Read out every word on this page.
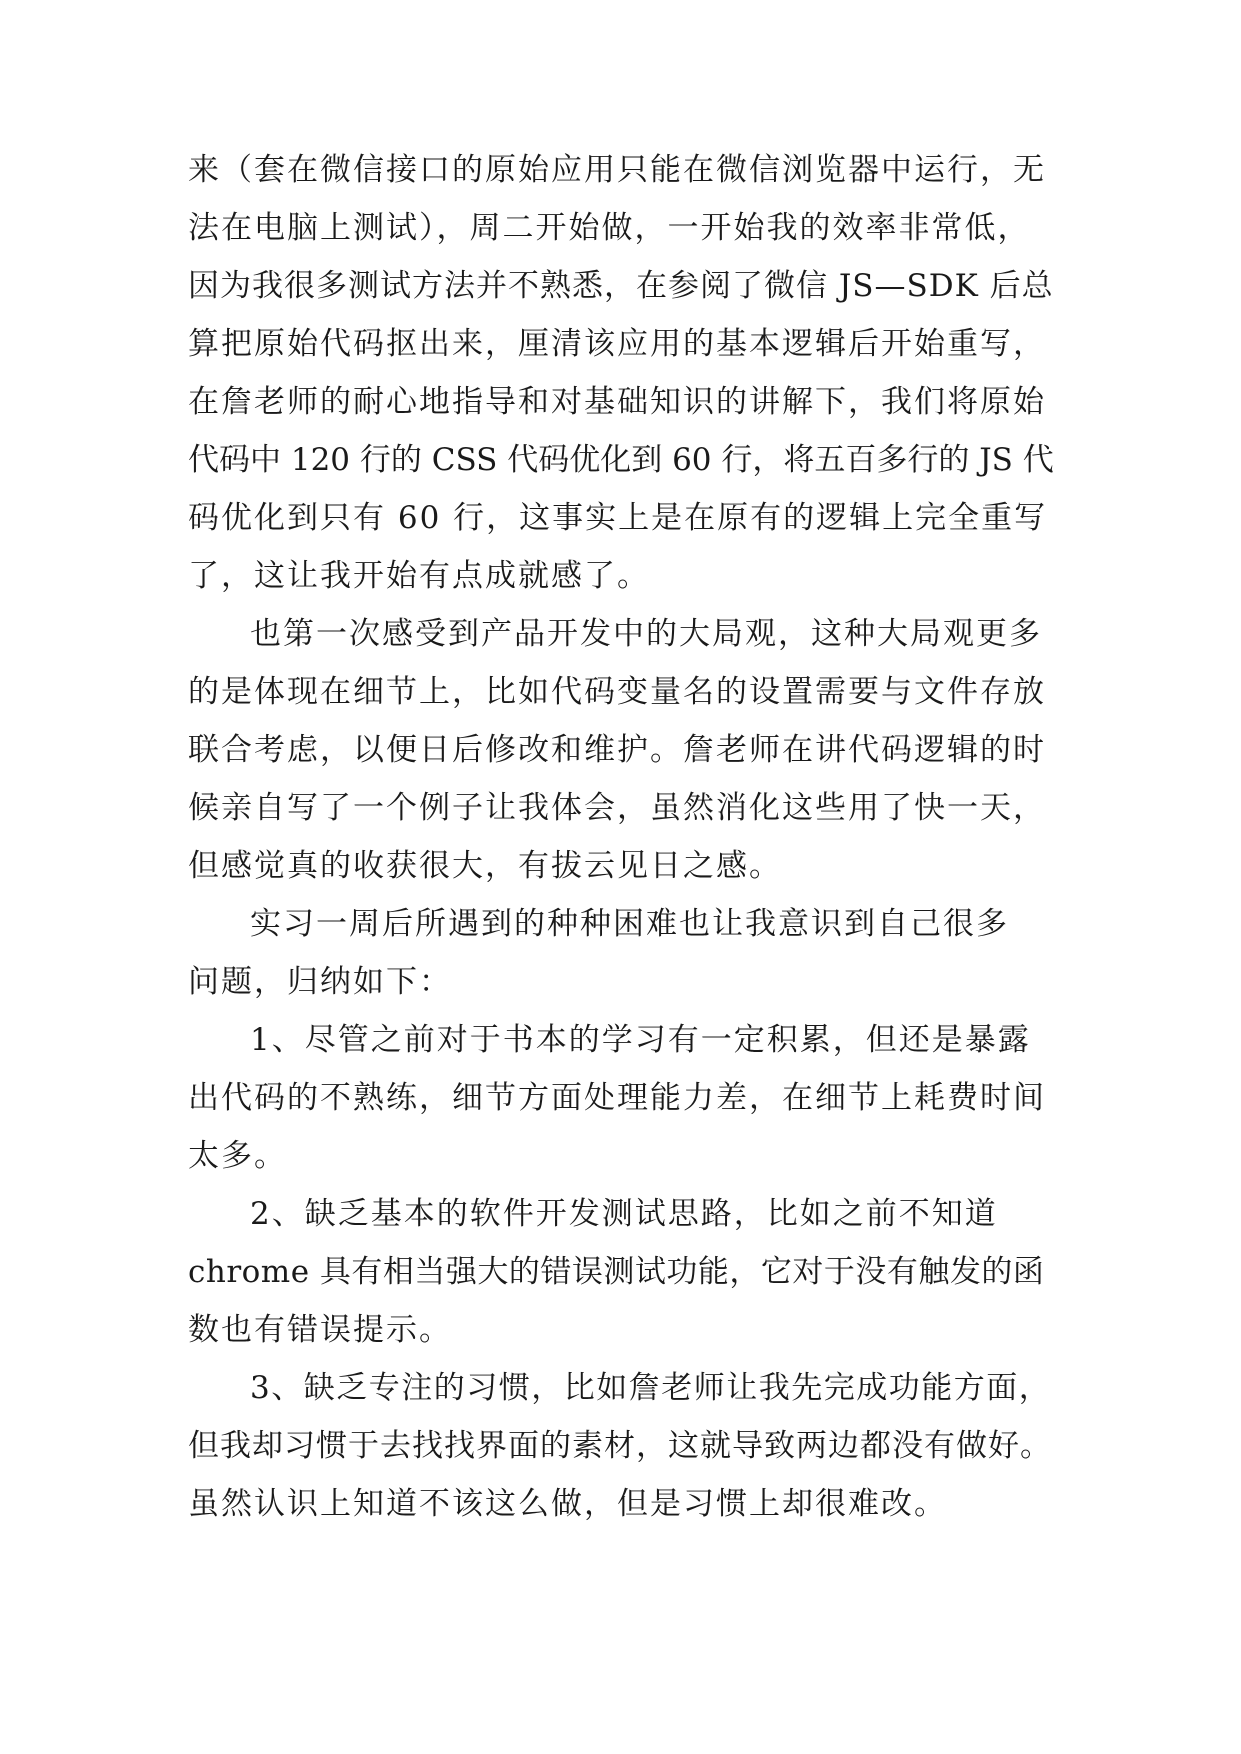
来（套在微信接口的原始应用只能在微信浏览器中运行，无
法在电脑上测试），周二开始做，一开始我的效率非常低，
因为我很多测试方法并不熟悉，在参阅了微信 JS—SDK 后总
算把原始代码抠出来，厘清该应用的基本逻辑后开始重写，
在詹老师的耐心地指导和对基础知识的讲解下，我们将原始
代码中 120 行的 CSS 代码优化到 60 行，将五百多行的 JS 代
码优化到只有 60 行，这事实上是在原有的逻辑上完全重写
了，这让我开始有点成就感了。
也第一次感受到产品开发中的大局观，这种大局观更多
的是体现在细节上，比如代码变量名的设置需要与文件存放
联合考虑，以便日后修改和维护。詹老师在讲代码逻辑的时
候亲自写了一个例子让我体会，虽然消化这些用了快一天，
但感觉真的收获很大，有拔云见日之感。
实习一周后所遇到的种种困难也让我意识到自己很多
问题，归纳如下：
1、尽管之前对于书本的学习有一定积累，但还是暴露
出代码的不熟练，细节方面处理能力差，在细节上耗费时间
太多。
2、缺乏基本的软件开发测试思路，比如之前不知道
chrome 具有相当强大的错误测试功能，它对于没有触发的函
数也有错误提示。
3、缺乏专注的习惯，比如詹老师让我先完成功能方面，
但我却习惯于去找找界面的素材，这就导致两边都没有做好。
虽然认识上知道不该这么做，但是习惯上却很难改。
